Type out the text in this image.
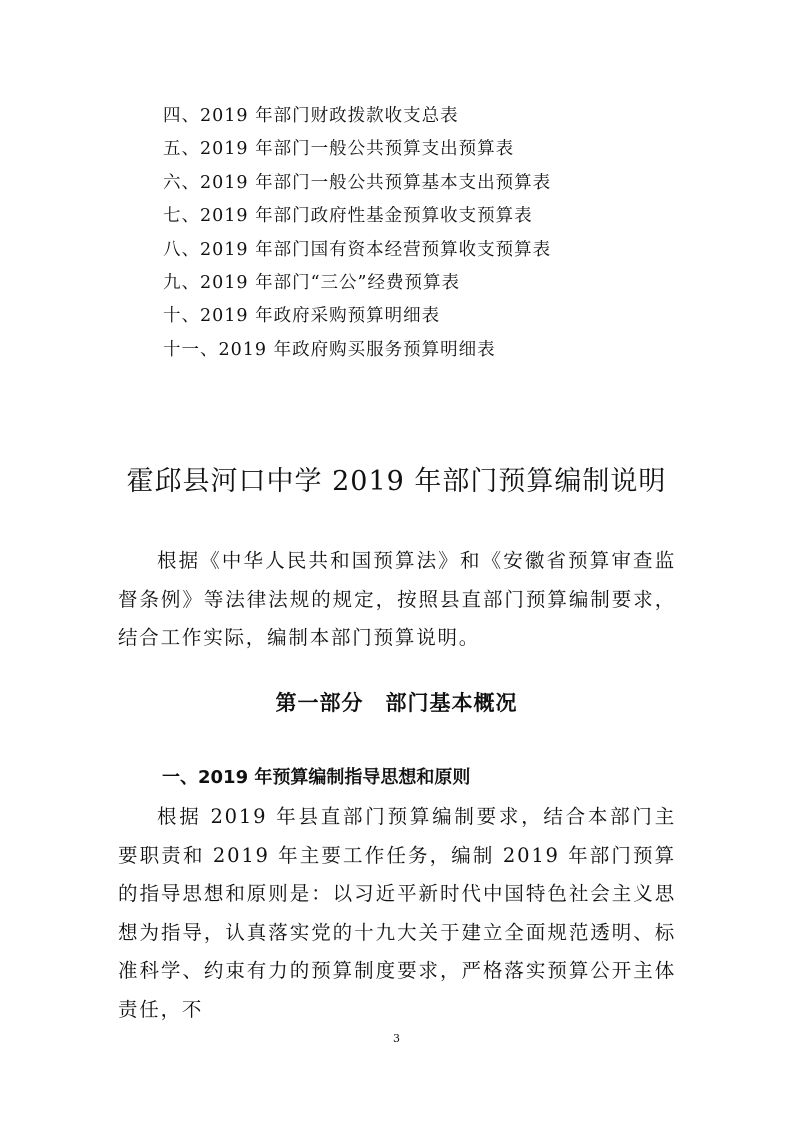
四、2019 年部门财政拨款收支总表
五、2019 年部门一般公共预算支出预算表
六、2019 年部门一般公共预算基本支出预算表
七、2019 年部门政府性基金预算收支预算表
八、2019 年部门国有资本经营预算收支预算表
九、2019 年部门“三公”经费预算表
十、2019 年政府采购预算明细表
十一、2019 年政府购买服务预算明细表
霍邱县河口中学 2019 年部门预算编制说明

根据《中华人民共和国预算法》和《安徽省预算审查监督条例》等法律法规的规定，按照县直部门预算编制要求，结合工作实际，编制本部门预算说明。

第一部分　部门基本概况
一、2019 年预算编制指导思想和原则

根据 2019 年县直部门预算编制要求，结合本部门主要职责和 2019 年主要工作任务，编制 2019 年部门预算的指导思想和原则是：以习近平新时代中国特色社会主义思想为指导，认真落实党的十九大关于建立全面规范透明、标准科学、约束有力的预算制度要求，严格落实预算公开主体责任，不

3
